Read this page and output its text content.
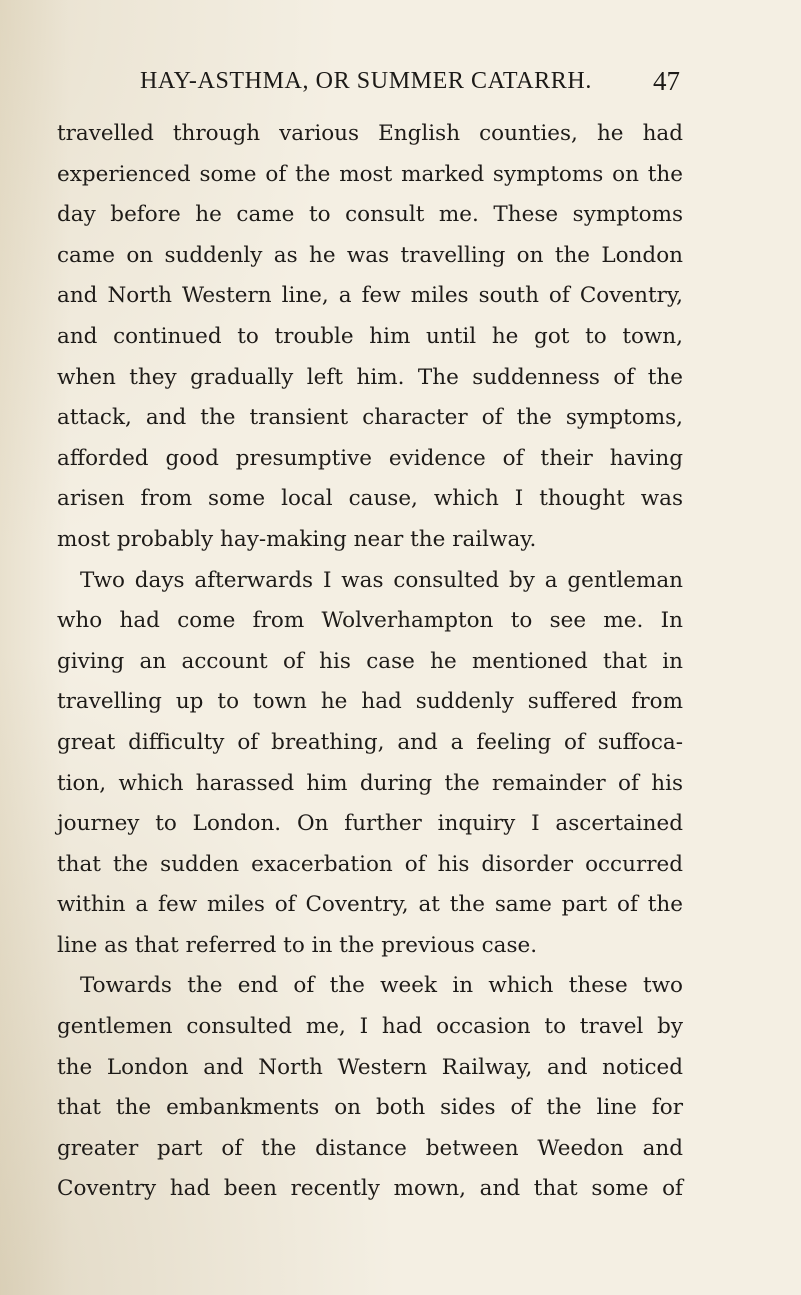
HAY-ASTHMA, OR SUMMER CATARRH.	47
travelled through various English counties, he had
experienced some of the most marked symptoms on the
day before he came to consult me. These symptoms
came on suddenly as he was travelling on the London
and North Western line, a few miles south of Coventry,
and continued to trouble him until he got to town,
when they gradually left him. The suddenness of the
attack, and the transient character of the symptoms,
afforded good presumptive evidence of their having
arisen from some local cause, which I thought was
most probably hay-making near the railway.
Two days afterwards I was consulted by a gentleman
who had come from Wolverhampton to see me. In
giving an account of his case he mentioned that in
travelling up to town he had suddenly suffered from
great difficulty of breathing, and a feeling of suffoca-
tion, which harassed him during the remainder of his
journey to London. On further inquiry I ascertained
that the sudden exacerbation of his disorder occurred
within a few miles of Coventry, at the same part of the
line as that referred to in the previous case.
Towards the end of the week in which these two
gentlemen consulted me, I had occasion to travel by
the London and North Western Railway, and noticed
that the embankments on both sides of the line for
greater part of the distance between Weedon and
Coventry had been recently mown, and that some of
